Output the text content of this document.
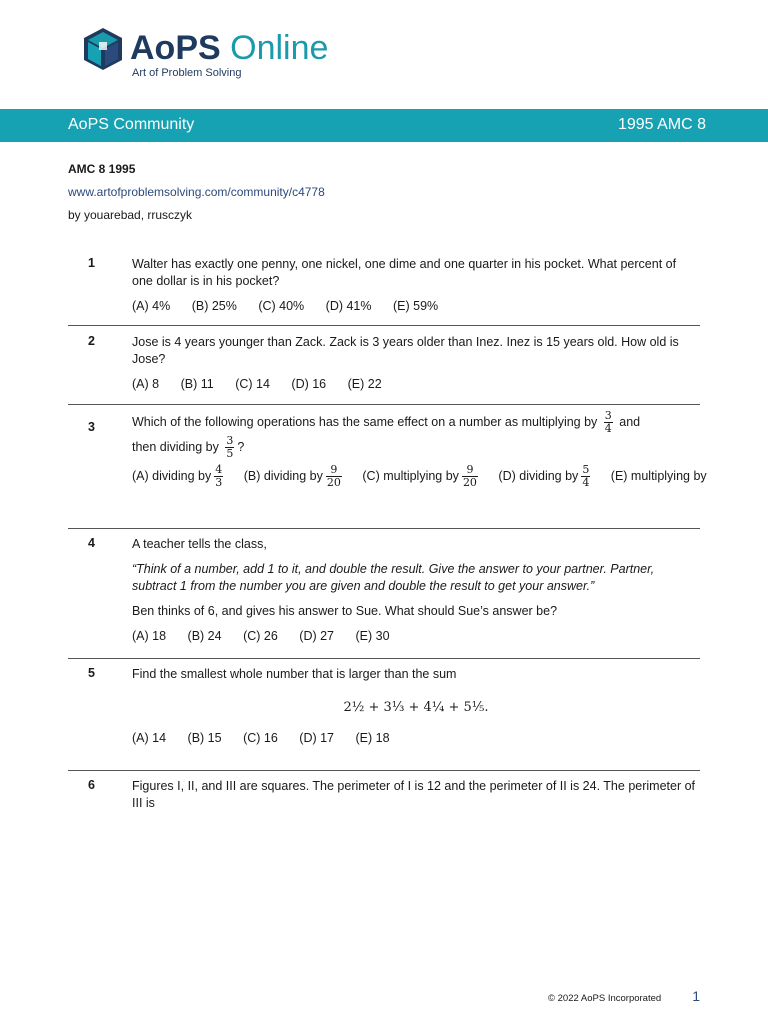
AoPS Online
Art of Problem Solving
AoPS Community	1995 AMC 8
AMC 8 1995
www.artofproblemsolving.com/community/c4778
by youarebad, rrusczyk
1	Walter has exactly one penny, one nickel, one dime and one quarter in his pocket. What percent of one dollar is in his pocket?

(A) 4% (B) 25% (C) 40% (D) 41% (E) 59%
2	Jose is 4 years younger than Zack. Zack is 3 years older than Inez. Inez is 15 years old. How old is Jose?

(A) 8 (B) 11 (C) 14 (D) 16 (E) 22
3	Which of the following operations has the same effect on a number as multiplying by $\frac{3}{4}$ and
then dividing by $\frac{3}{5}$ ?

(A) dividing by $\frac{4}{3} (B)$ dividing by $\frac{9}{20} (C)$ multiplying by $\frac{9}{20} (D)$ dividing by $\frac{5}{4} (E)$ multiplying by
4	A teacher tells the class,

“Think of a number, add 1 to it, and double the result. Give the answer to your partner. Partner, subtract 1 from the number you are given and double the result to get your answer.”

Ben thinks of 6, and gives his answer to Sue. What should Sue’s answer be?

(A) 18 (B) 24 (C) 26 (D) 27 (E) 30
5	Find the smallest whole number that is larger than the sum

2½ + 3⅓ + 4¼ + 5⅕.
(A) 14 (B) 15 (C) 16 (D) 17 (E) 18
6	Figures I, II, and III are squares. The perimeter of I is 12 and the perimeter of II is 24. The perimeter of III is

© 2022 AoPS Incorporated 1
